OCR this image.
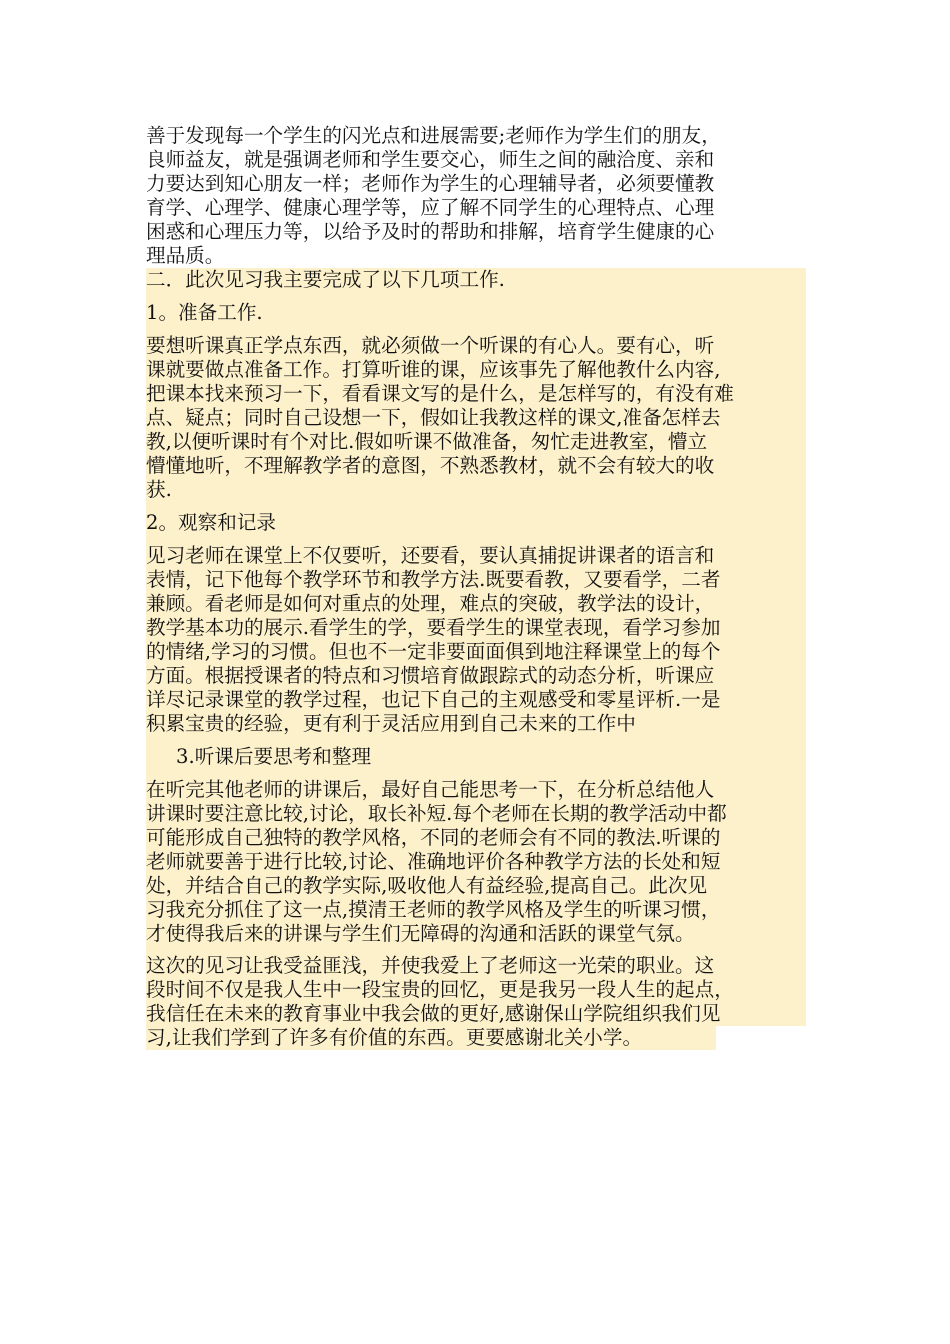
善于发现每一个学生的闪光点和进展需要;老师作为学生们的朋友，
良师益友，就是强调老师和学生要交心，师生之间的融洽度、亲和
力要达到知心朋友一样；老师作为学生的心理辅导者，必须要懂教
育学、心理学、健康心理学等，应了解不同学生的心理特点、心理
困惑和心理压力等，以给予及时的帮助和排解，培育学生健康的心
理品质。
二．此次见习我主要完成了以下几项工作.
1。准备工作.
要想听课真正学点东西，就必须做一个听课的有心人。要有心，听
课就要做点准备工作。打算听谁的课，应该事先了解他教什么内容,
把课本找来预习一下，看看课文写的是什么，是怎样写的，有没有难
点、疑点；同时自己设想一下，假如让我教这样的课文,准备怎样去
教,以便听课时有个对比.假如听课不做准备，匆忙走进教室，懵立
懵懂地听，不理解教学者的意图，不熟悉教材，就不会有较大的收
获.
2。观察和记录
见习老师在课堂上不仅要听，还要看，要认真捕捉讲课者的语言和
表情，记下他每个教学环节和教学方法.既要看教，又要看学，二者
兼顾。看老师是如何对重点的处理，难点的突破，教学法的设计，
教学基本功的展示.看学生的学，要看学生的课堂表现，看学习参加
的情绪,学习的习惯。但也不一定非要面面俱到地注释课堂上的每个
方面。根据授课者的特点和习惯培育做跟踪式的动态分析，听课应
详尽记录课堂的教学过程，也记下自己的主观感受和零星评析.一是
积累宝贵的经验，更有利于灵活应用到自己未来的工作中
3.听课后要思考和整理
在听完其他老师的讲课后，最好自己能思考一下，在分析总结他人
讲课时要注意比较,讨论，取长补短.每个老师在长期的教学活动中都
可能形成自己独特的教学风格，不同的老师会有不同的教法.听课的
老师就要善于进行比较,讨论、准确地评价各种教学方法的长处和短
处，并结合自己的教学实际,吸收他人有益经验,提高自己。此次见
习我充分抓住了这一点,摸清王老师的教学风格及学生的听课习惯，
才使得我后来的讲课与学生们无障碍的沟通和活跃的课堂气氛。
这次的见习让我受益匪浅，并使我爱上了老师这一光荣的职业。这
段时间不仅是我人生中一段宝贵的回忆，更是我另一段人生的起点，
我信任在未来的教育事业中我会做的更好,感谢保山学院组织我们见
习,让我们学到了许多有价值的东西。更要感谢北关小学。
